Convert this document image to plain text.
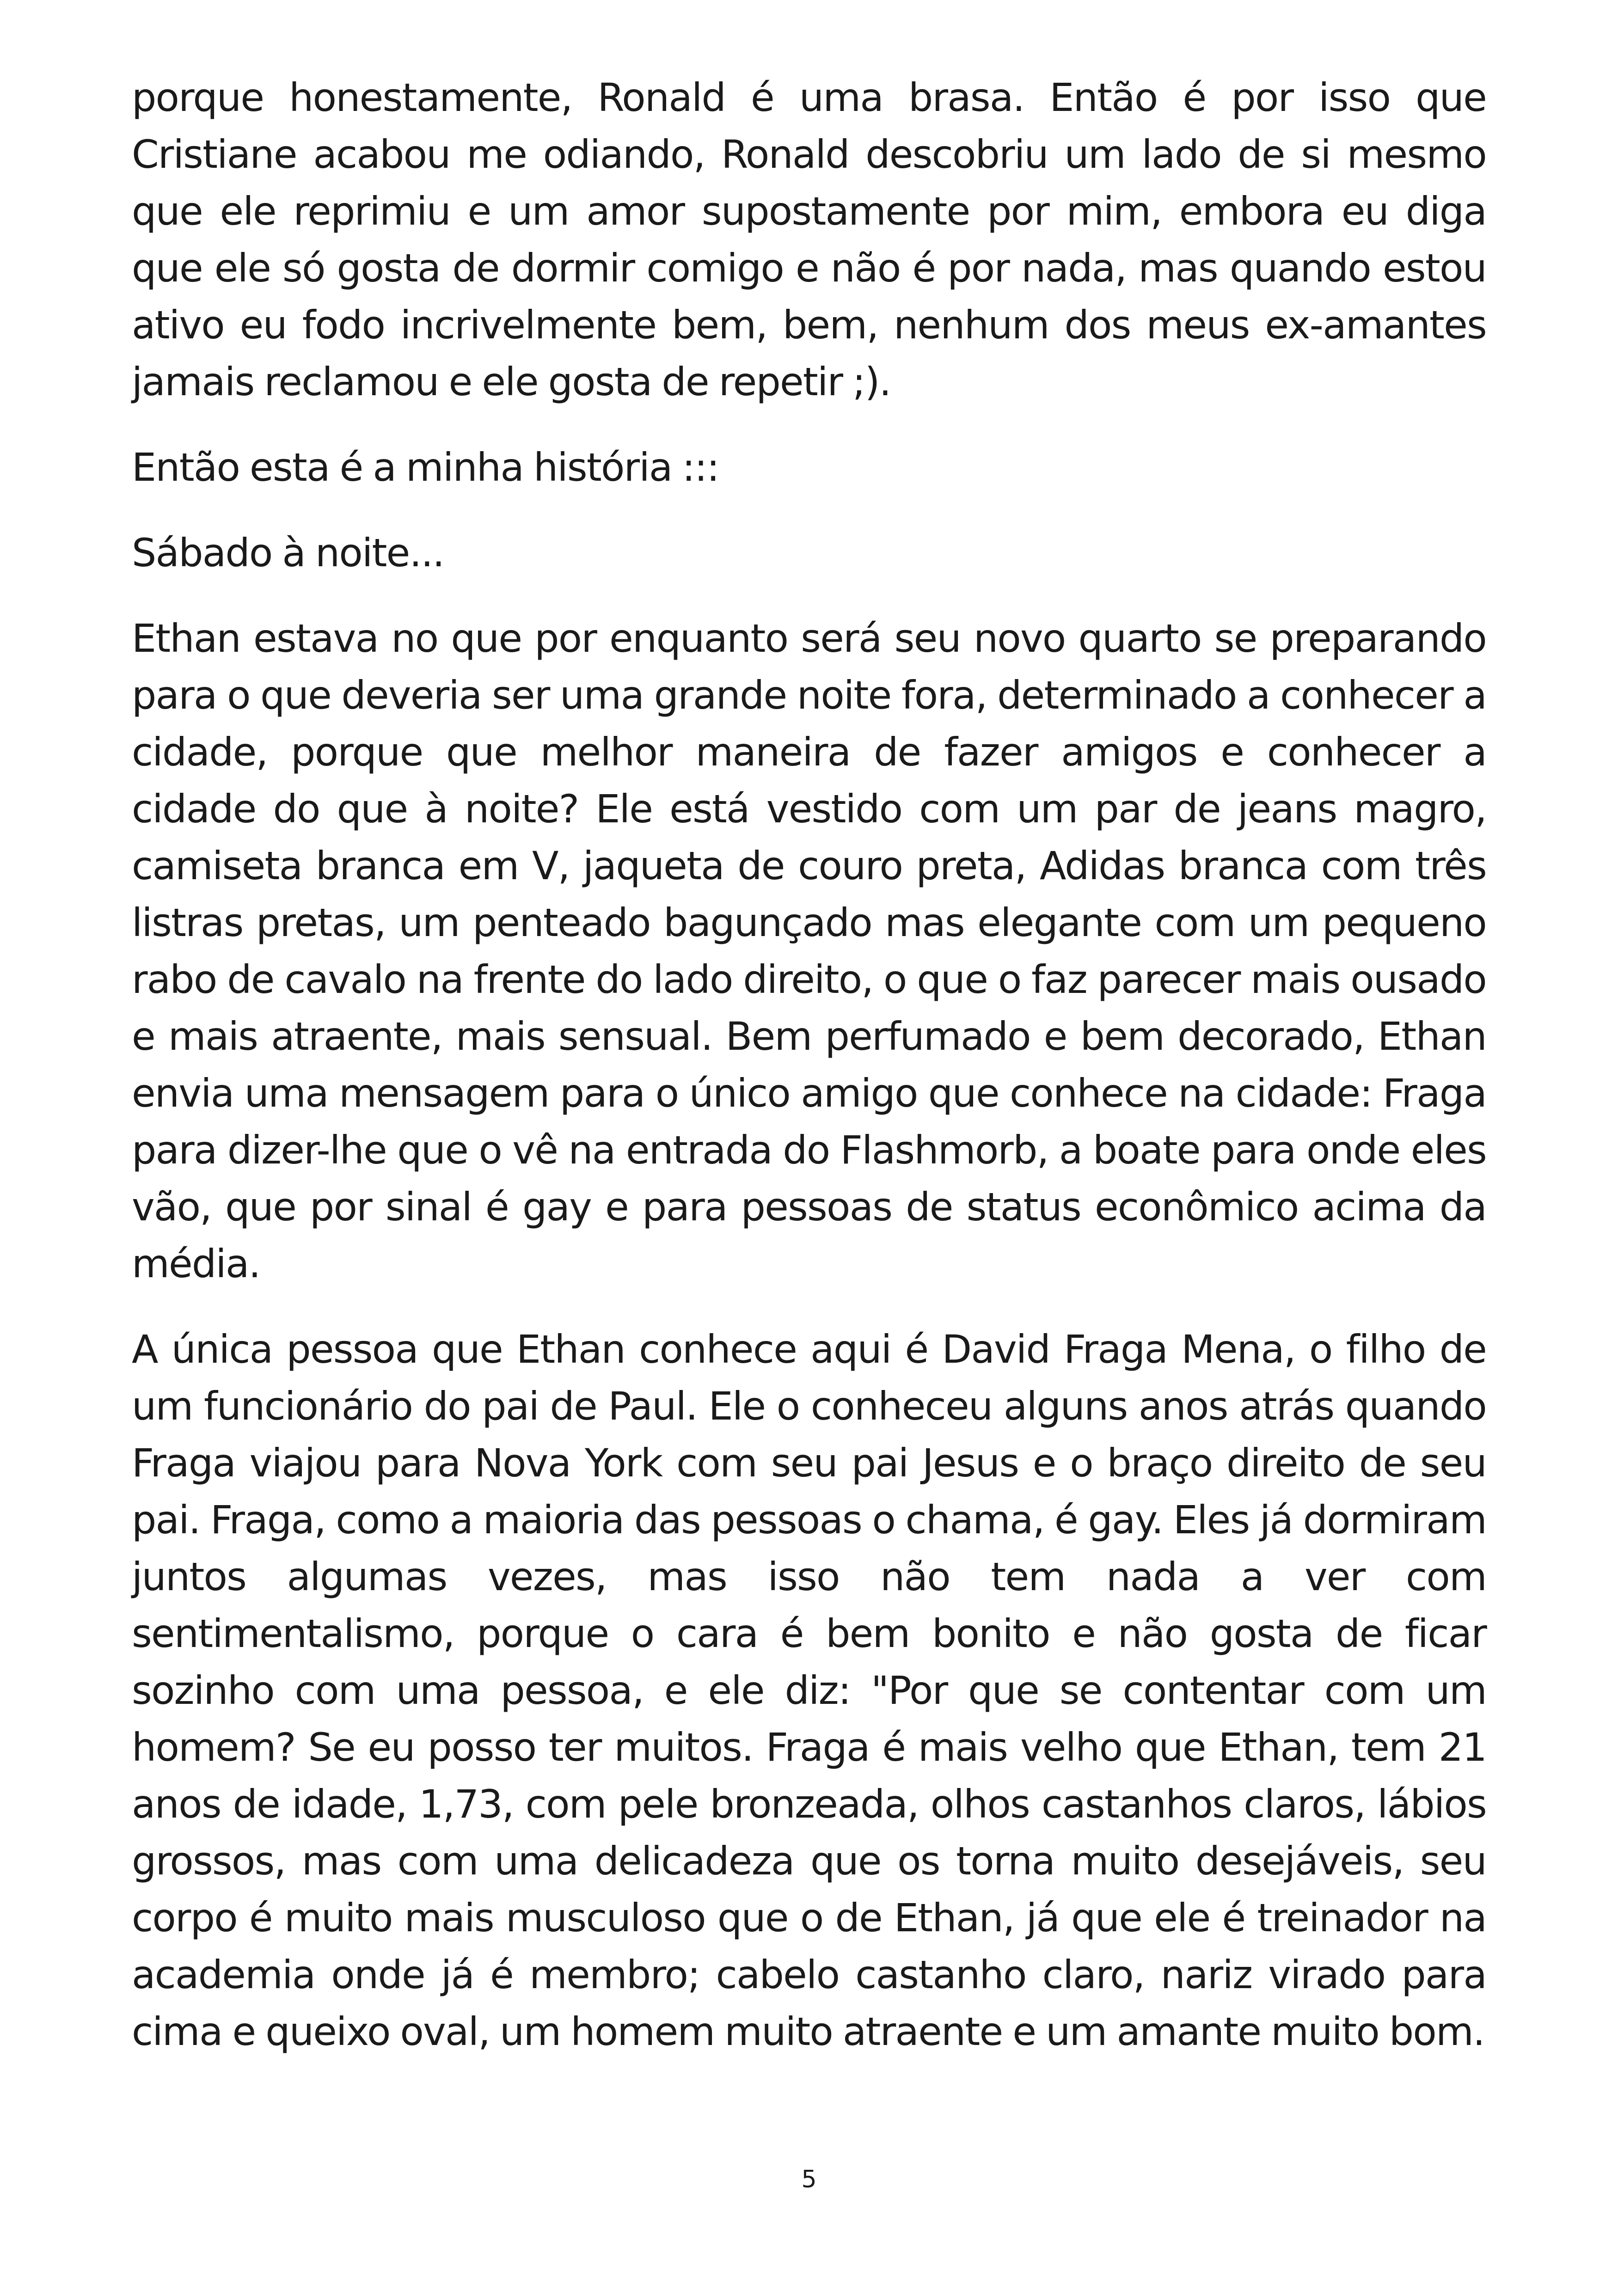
porque honestamente, Ronald é uma brasa. Então é por isso que Cristiane acabou me odiando, Ronald descobriu um lado de si mesmo que ele reprimiu e um amor supostamente por mim, embora eu diga que ele só gosta de dormir comigo e não é por nada, mas quando estou ativo eu fodo incrivelmente bem, bem, nenhum dos meus ex-amantes jamais reclamou e ele gosta de repetir ;).

Então esta é a minha história :::

Sábado à noite...

Ethan estava no que por enquanto será seu novo quarto se preparando para o que deveria ser uma grande noite fora, determinado a conhecer a cidade, porque que melhor maneira de fazer amigos e conhecer a cidade do que à noite? Ele está vestido com um par de jeans magro, camiseta branca em V, jaqueta de couro preta, Adidas branca com três listras pretas, um penteado bagunçado mas elegante com um pequeno rabo de cavalo na frente do lado direito, o que o faz parecer mais ousado e mais atraente, mais sensual. Bem perfumado e bem decorado, Ethan envia uma mensagem para o único amigo que conhece na cidade: Fraga para dizer-lhe que o vê na entrada do Flashmorb, a boate para onde eles vão, que por sinal é gay e para pessoas de status econômico acima da média.

A única pessoa que Ethan conhece aqui é David Fraga Mena, o filho de um funcionário do pai de Paul. Ele o conheceu alguns anos atrás quando Fraga viajou para Nova York com seu pai Jesus e o braço direito de seu pai. Fraga, como a maioria das pessoas o chama, é gay. Eles já dormiram juntos algumas vezes, mas isso não tem nada a ver com sentimentalismo, porque o cara é bem bonito e não gosta de ficar sozinho com uma pessoa, e ele diz: "Por que se contentar com um homem? Se eu posso ter muitos. Fraga é mais velho que Ethan, tem 21 anos de idade, 1,73, com pele bronzeada, olhos castanhos claros, lábios grossos, mas com uma delicadeza que os torna muito desejáveis, seu corpo é muito mais musculoso que o de Ethan, já que ele é treinador na academia onde já é membro; cabelo castanho claro, nariz virado para cima e queixo oval, um homem muito atraente e um amante muito bom.

5
